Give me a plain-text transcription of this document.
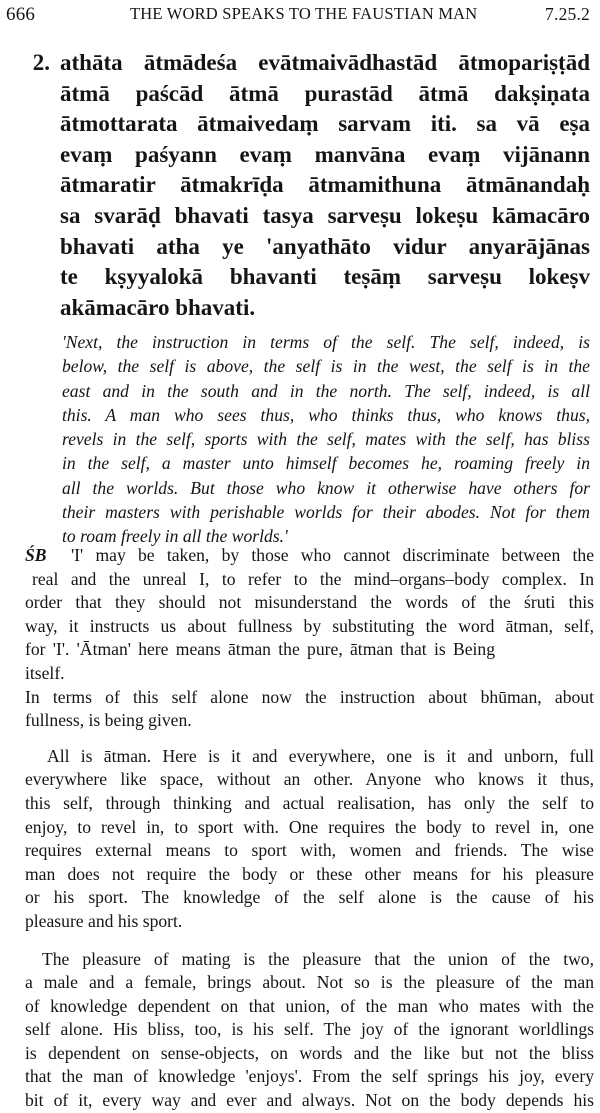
666	THE WORD SPEAKS TO THE FAUSTIAN MAN	7.25.2
2. athāta ātmādeśa evātmaivādhastād ātmopariṣṭād
ātmā paścād ātmā purastād ātmā dakṣiṇata
ātmottarata ātmaivedaṃ sarvam iti. sa vā eṣa
evaṃ paśyann evaṃ manvāna evaṃ vijānann
ātmaratir ātmakrīḍa ātmamithuna ātmānandaḥ
sa svarāḍ bhavati tasya sarveṣu lokeṣu kāmacāro
bhavati atha ye 'anyathāto vidur anyarājānas
te kṣyyalokā bhavanti teṣāṃ sarveṣu lokeṣv
akāmacāro bhavati.
'Next, the instruction in terms of the self. The self, indeed, is
below, the self is above, the self is in the west, the self is in the
east and in the south and in the north. The self, indeed, is all
this. A man who sees thus, who thinks thus, who knows thus,
revels in the self, sports with the self, mates with the self, has bliss
in the self, a master unto himself becomes he, roaming freely in
all the worlds. But those who know it otherwise have others for
their masters with perishable worlds for their abodes. Not for them
to roam freely in all the worlds.'
ŚB 'I' may be taken, by those who cannot discriminate between the
real and the unreal I, to refer to the mind–organs–body complex. In
order that they should not misunderstand the words of the śruti this
way, it instructs us about fullness by substituting the word ātman, self,
for 'I'. 'Ātman' here means ātman the pure, ātman that is Being itself.
In terms of this self alone now the instruction about bhūman, about
fullness, is being given.
All is ātman. Here is it and everywhere, one is it and unborn, full
everywhere like space, without an other. Anyone who knows it thus,
this self, through thinking and actual realisation, has only the self to
enjoy, to revel in, to sport with. One requires the body to revel in, one
requires external means to sport with, women and friends. The wise
man does not require the body or these other means for his pleasure
or his sport. The knowledge of the self alone is the cause of his
pleasure and his sport.
The pleasure of mating is the pleasure that the union of the two,
a male and a female, brings about. Not so is the pleasure of the man
of knowledge dependent on that union, of the man who mates with the
self alone. His bliss, too, is his self. The joy of the ignorant worldlings
is dependent on sense-objects, on words and the like but not the bliss
that the man of knowledge 'enjoys'. From the self springs his joy, every
bit of it, every way and ever and always. Not on the body depends his
